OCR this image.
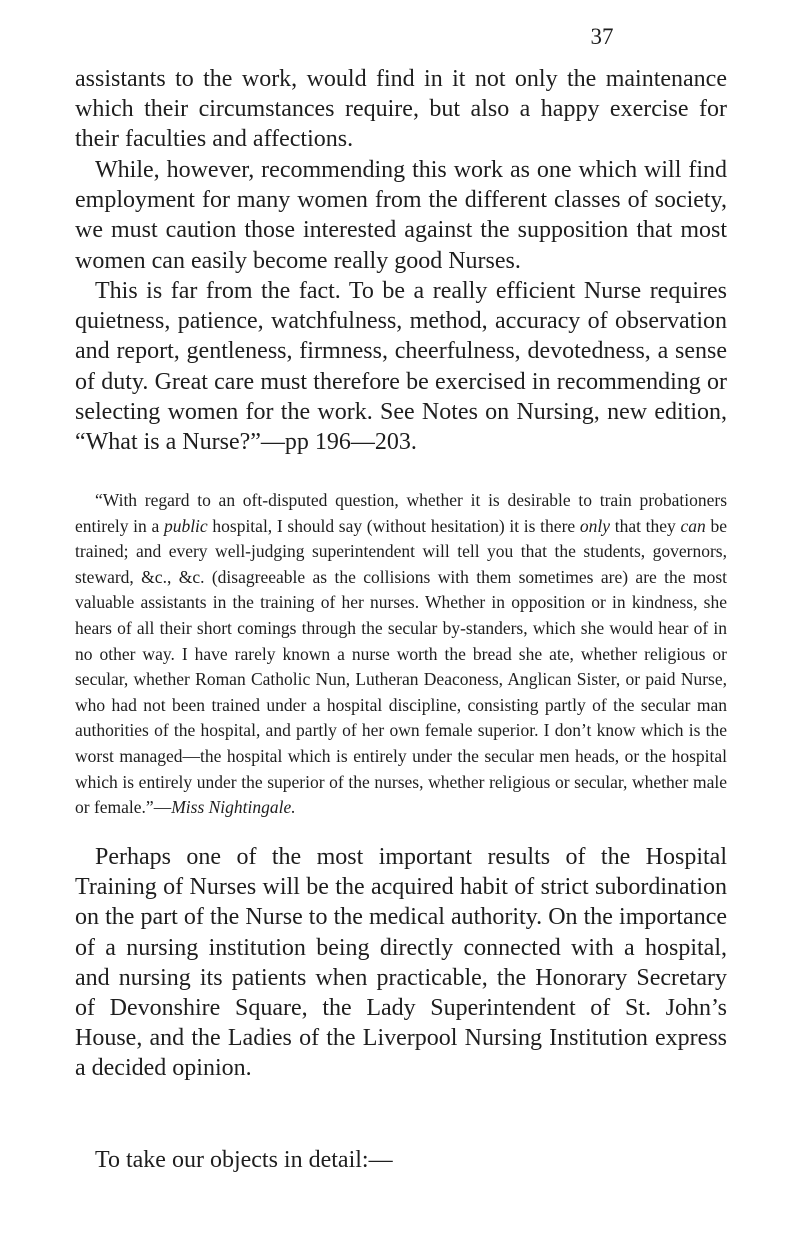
37

assistants to the work, would find in it not only the maintenance which their circumstances require, but also a happy exercise for their faculties and affections.

While, however, recommending this work as one which will find employment for many women from the different classes of society, we must caution those interested against the supposition that most women can easily become really good Nurses.

This is far from the fact. To be a really efficient Nurse requires quietness, patience, watchfulness, method, accuracy of observation and report, gentleness, firmness, cheerfulness, devotedness, a sense of duty. Great care must therefore be exercised in recommending or selecting women for the work. See Notes on Nursing, new edition, “What is a Nurse?”—pp 196—203.

“With regard to an oft-disputed question, whether it is desirable to train probationers entirely in a public hospital, I should say (without hesitation) it is there only that they can be trained; and every well-judging superintendent will tell you that the students, governors, steward, &c., &c. (disagreeable as the collisions with them sometimes are) are the most valuable assistants in the training of her nurses. Whether in opposition or in kindness, she hears of all their short comings through the secular by-standers, which she would hear of in no other way. I have rarely known a nurse worth the bread she ate, whether religious or secular, whether Roman Catholic Nun, Lutheran Deaconess, Anglican Sister, or paid Nurse, who had not been trained under a hospital discipline, consisting partly of the secular man authorities of the hospital, and partly of her own female superior. I don’t know which is the worst managed—the hospital which is entirely under the secular men heads, or the hospital which is entirely under the superior of the nurses, whether religious or secular, whether male or female.”—Miss Nightingale.

Perhaps one of the most important results of the Hospital Training of Nurses will be the acquired habit of strict subordination on the part of the Nurse to the medical authority. On the importance of a nursing institution being directly connected with a hospital, and nursing its patients when practicable, the Honorary Secretary of Devonshire Square, the Lady Superintendent of St. John’s House, and the Ladies of the Liverpool Nursing Institution express a decided opinion.

To take our objects in detail:—
